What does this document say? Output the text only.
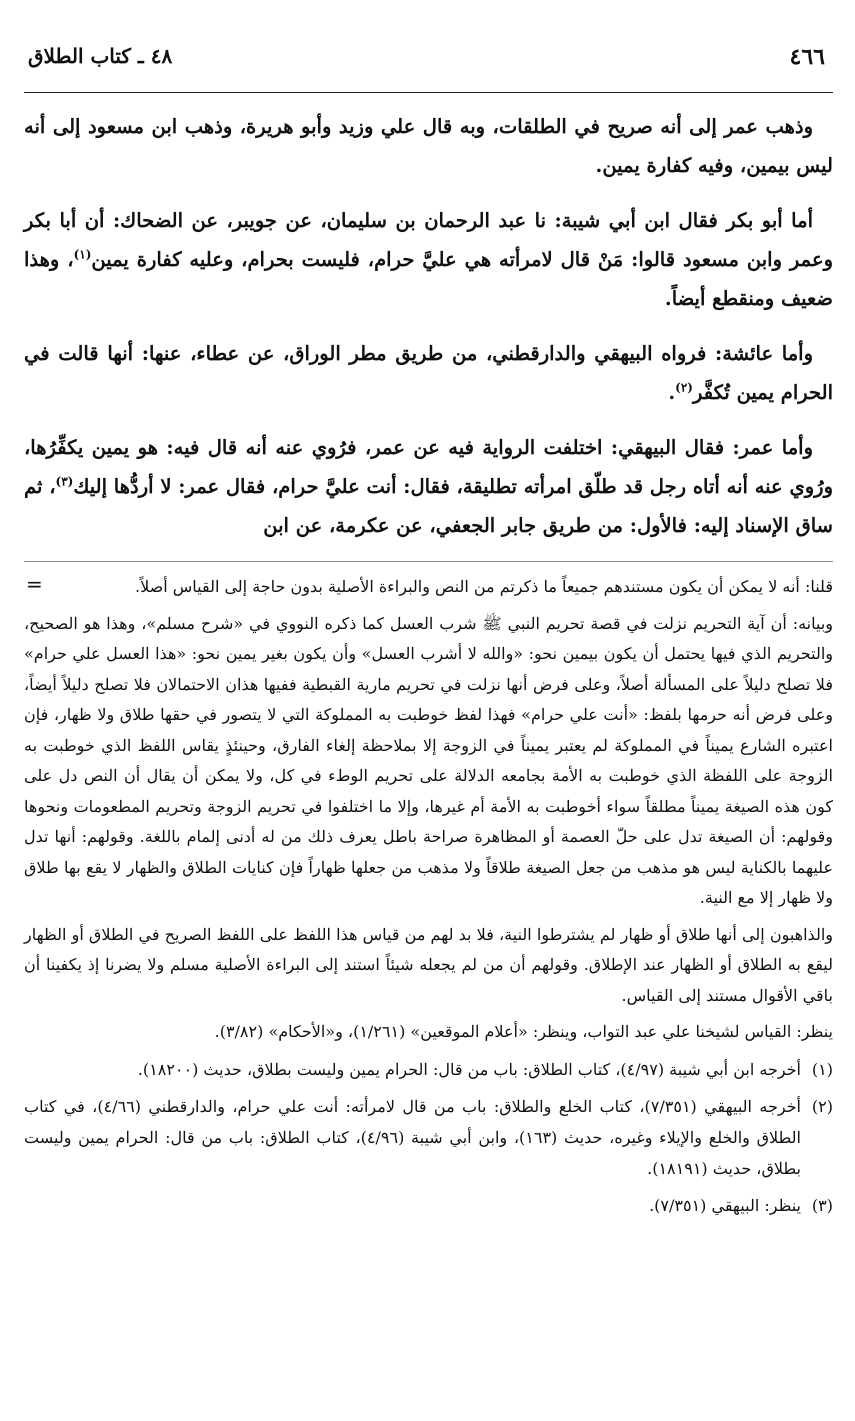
٤٦٦
٤٨ ـ كتاب الطلاق

وذهب عمر إلى أنه صريح في الطلقات، وبه قال علي وزيد وأبو هريرة، وذهب ابن مسعود إلى أنه ليس بيمين، وفيه كفارة يمين.

أما أبو بكر فقال ابن أبي شيبة: نا عبد الرحمان بن سليمان، عن جويبر، عن الضحاك: أن أبا بكر وعمر وابن مسعود قالوا: مَنْ قال لامرأته هي عليَّ حرام، فليست بحرام، وعليه كفارة يمين$^{(١)}$، وهذا ضعيف ومنقطع أيضاً.

وأما عائشة: فرواه البيهقي والدارقطني، من طريق مطر الوراق، عن عطاء، عنها: أنها قالت في الحرام يمين تُكفَّر$^{(٢)}$.

وأما عمر: فقال البيهقي: اختلفت الرواية فيه عن عمر، فرُوي عنه أنه قال فيه: هو يمين يكفِّرُها، ورُوي عنه أنه أتاه رجل قد طلّق امرأته تطليقة، فقال: أنت عليَّ حرام، فقال عمر: لا أردُّها إليك$^{(٣)}$، ثم ساق الإسناد إليه: فالأول: من طريق جابر الجعفي، عن عكرمة، عن ابن

=	قلنا: أنه لا يمكن أن يكون مستندهم جميعاً ما ذكرتم من النص والبراءة الأصلية بدون حاجة إلى القياس أصلاً.

وبيانه: أن آية التحريم نزلت في قصة تحريم النبي ﷺ شرب العسل كما ذكره النووي في «شرح مسلم»، وهذا هو الصحيح، والتحريم الذي فيها يحتمل أن يكون بيمين نحو: «والله لا أشرب العسل» وأن يكون بغير يمين نحو: «هذا العسل علي حرام» فلا تصلح دليلاً على المسألة أصلاً، وعلى فرض أنها نزلت في تحريم مارية القبطية ففيها هذان الاحتمالان فلا تصلح دليلاً أيضاً، وعلى فرض أنه حرمها بلفظ: «أنت علي حرام» فهذا لفظ خوطبت به المملوكة التي لا يتصور في حقها طلاق ولا ظهار، فإن اعتبره الشارع يميناً في المملوكة لم يعتبر يميناً في الزوجة إلا بملاحظة إلغاء الفارق، وحينئذٍ يقاس اللفظ الذي خوطبت به الزوجة على اللفظة الذي خوطبت به الأمة بجامعه الدلالة على تحريم الوطء في كل، ولا يمكن أن يقال أن النص دل على كون هذه الصيغة يميناً مطلقاً سواء أخوطبت به الأمة أم غيرها، وإلا ما اختلفوا في تحريم الزوجة وتحريم المطعومات ونحوها وقولهم: أن الصيغة تدل على حلّ العصمة أو المظاهرة صراحة باطل يعرف ذلك من له أدنى إلمام باللغة. وقولهم: أنها تدل عليهما بالكناية ليس هو مذهب من جعل الصيغة طلاقاً ولا مذهب من جعلها ظهاراً فإن كنايات الطلاق والظهار لا يقع بها طلاق ولا ظهار إلا مع النية.

والذاهبون إلى أنها طلاق أو ظهار لم يشترطوا النية، فلا بد لهم من قياس هذا اللفظ على اللفظ الصريح في الطلاق أو الظهار ليقع به الطلاق أو الظهار عند الإطلاق. وقولهم أن من لم يجعله شيئاً استند إلى البراءة الأصلية مسلم ولا يضرنا إذ يكفينا أن باقي الأقوال مستند إلى القياس.

ينظر: القياس لشيخنا علي عبد التواب، وينظر: «أعلام الموقعين» (١/٢٦١)، و«الأحكام» (٣/٨٢).

(١)
أخرجه ابن أبي شيبة (٤/٩٧)، كتاب الطلاق: باب من قال: الحرام يمين وليست بطلاق، حديث (١٨٢٠٠).

(٢)
أخرجه البيهقي (٧/٣٥١)، كتاب الخلع والطلاق: باب من قال لامرأته: أنت علي حرام، والدارقطني (٤/٦٦)، في كتاب الطلاق والخلع والإيلاء وغيره، حديث (١٦٣)، وابن أبي شيبة (٤/٩٦)، كتاب الطلاق: باب من قال: الحرام يمين وليست بطلاق، حديث (١٨١٩١).

(٣)
ينظر: البيهقي (٧/٣٥١).
